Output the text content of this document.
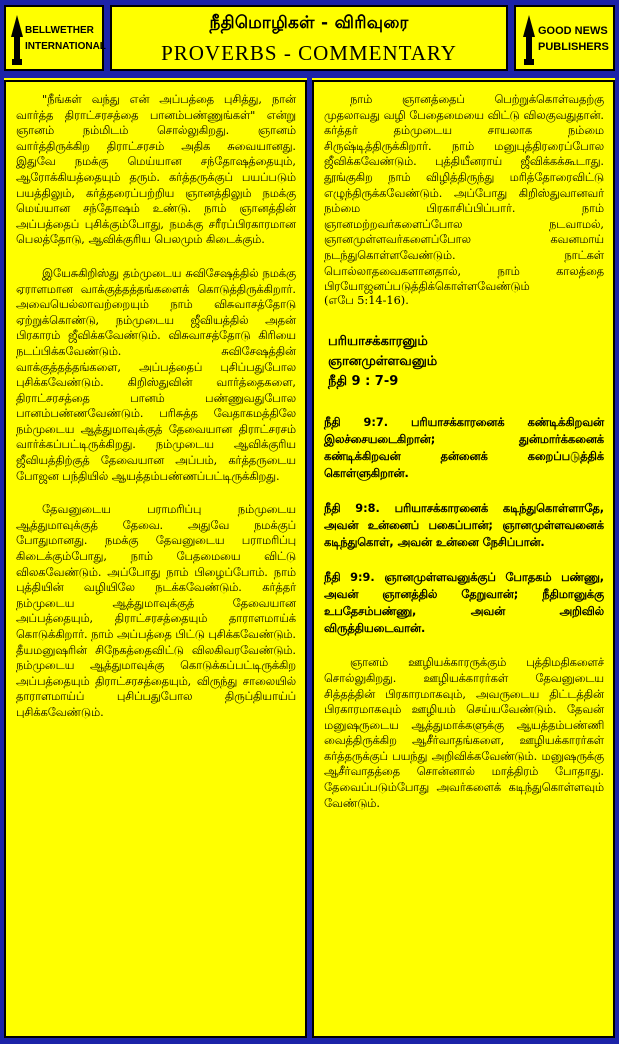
BELLWETHER
INTERNATIONAL
நீதிமொழிகள் - விரிவுரை
PROVERBS - COMMENTARY
GOOD NEWS
PUBLISHERS

"நீங்கள் வந்து என் அப்பத்தை புசித்து, நான் வார்த்த திராட்சரசத்தை பானம்பண்ணுங்கள்" என்று ஞானம் நம்மிடம் சொல்லுகிறது. ஞானம் வார்த்திருக்கிற திராட்சரசம் அதிக சுவையானது. இதுவே நமக்கு மெய்யான சந்தோஷத்தையும், ஆரோக்கியத்தையும் தரும். கர்த்தருக்குப் பயப்படும் பயத்திலும், கர்த்தரைப்பற்றிய ஞானத்திலும் நமக்கு மெய்யான சந்தோஷம் உண்டு. நாம் ஞானத்தின் அப்பத்தைப் புசிக்கும்போது, நமக்கு சரீரப்பிரகாரமான பெலத்தோடு, ஆவிக்குரிய பெலமும் கிடைக்கும்.

இயேசுகிறிஸ்து தம்முடைய சுவிசேஷத்தில் நமக்கு ஏராளமான வாக்குத்தத்தங்களைக் கொடுத்திருக்கிறார். அவையெல்லாவற்றையும் நாம் விசுவாசத்தோடு ஏற்றுக்கொண்டு, நம்முடைய ஜீவியத்தில் அதன் பிரகாரம் ஜீவிக்கவேண்டும். விசுவாசத்தோடு கிரியை நடப்பிக்கவேண்டும். சுவிசேஷத்தின் வாக்குத்தத்தங்களை, அப்பத்தைப் புசிப்பதுபோல புசிக்கவேண்டும். கிறிஸ்துவின் வார்த்தைகளை, திராட்சரசத்தை பானம் பண்ணுவதுபோல பானம்பண்ணவேண்டும். பரிசுத்த வேதாகமத்திலே நம்முடைய ஆத்துமாவுக்குத் தேவையான திராட்சரசம் வார்க்கப்பட்டிருக்கிறது. நம்முடைய ஆவிக்குரிய ஜீவியத்திற்குத் தேவையான அப்பம், கர்த்தருடைய போஜன பந்தியில் ஆயத்தம்பண்ணப்பட்டிருக்கிறது.

தேவனுடைய பராமரிப்பு நம்முடைய ஆத்துமாவுக்குத் தேவை. அதுவே நமக்குப் போதுமானது. நமக்கு தேவனுடைய பராமரிப்பு கிடைக்கும்போது, நாம் பேதமையை விட்டு விலகவேண்டும். அப்போது நாம் பிழைப்போம். நாம் புத்தியின் வழியிலே நடக்கவேண்டும். கர்த்தர் நம்முடைய ஆத்துமாவுக்குத் தேவையான அப்பத்தையும், திராட்சரசத்தையும் தாராளமாய்க் கொடுக்கிறார். நாம் அப்பத்தை பிட்டு புசிக்கவேண்டும். தீயமனுஷரின் சிநேகத்தைவிட்டு விலகிவரவேண்டும். நம்முடைய ஆத்துமாவுக்கு கொடுக்கப்பட்டிருக்கிற அப்பத்தையும் திராட்சரசத்தையும், விருந்து சாலையில் தாராளமாய்ப் புசிப்பதுபோல திருப்தியாய்ப் புசிக்கவேண்டும்.

நாம் ஞானத்தைப் பெற்றுக்கொள்வதற்கு முதலாவது வழி பேதைமையை விட்டு விலகுவதுதான். கர்த்தர் தம்முடைய சாயலாக நம்மை சிருஷ்டித்திருக்கிறார். நாம் மனுபுத்திரரைப்போல ஜீவிக்கவேண்டும். புத்தியீனராய் ஜீவிக்கக்கூடாது. தூங்குகிற நாம் விழித்திருந்து மரித்தோரைவிட்டு எழுந்திருக்கவேண்டும். அப்போது கிறிஸ்துவானவர் நம்மை பிரகாசிப்பிப்பார். நாம் ஞானமற்றவர்களைப்போல நடவாமல், ஞானமுள்ளவர்களைப்போல கவனமாய் நடந்துகொள்ளவேண்டும். நாட்கள் பொல்லாதவைகளானதால், நாம் காலத்தை பிரயோஜனப்படுத்திக்கொள்ளவேண்டும்

(எபே 5:14-16).

பரியாசக்காரனும்
ஞானமுள்ளவனும்
நீதி 9 : 7-9

நீதி 9:7. பரியாசக்காரனைக் கண்டிக்கிறவன் இலச்சையடைகிறான்; துன்மார்க்கனைக் கண்டிக்கிறவன் தன்னைக் கறைப்படுத்திக் கொள்ளுகிறான்.

நீதி 9:8. பரியாசக்காரனைக் கடிந்துகொள்ளாதே, அவன் உன்னைப் பகைப்பான்; ஞானமுள்ளவனைக் கடிந்துகொள், அவன் உன்னை நேசிப்பான்.

நீதி 9:9. ஞானமுள்ளவனுக்குப் போதகம் பண்ணு, அவன் ஞானத்தில் தேறுவான்; நீதிமானுக்கு உபதேசம்பண்ணு, அவன் அறிவில் விருத்தியடைவான்.

ஞானம் ஊழியக்காரருக்கும் புத்திமதிகளைச் சொல்லுகிறது. ஊழியக்காரர்கள் தேவனுடைய சித்தத்தின் பிரகாரமாகவும், அவருடைய திட்டத்தின் பிரகாரமாகவும் ஊழியம் செய்யவேண்டும். தேவன் மனுஷருடைய ஆத்துமாக்களுக்கு ஆயத்தம்பண்ணி வைத்திருக்கிற ஆசீர்வாதங்களை, ஊழியக்காரர்கள் கர்த்தருக்குப் பயந்து அறிவிக்கவேண்டும். மனுஷருக்கு ஆசீர்வாதத்தை சொன்னால் மாத்திரம் போதாது. தேவைப்படும்போது அவர்களைக் கடிந்துகொள்ளவும் வேண்டும்.
